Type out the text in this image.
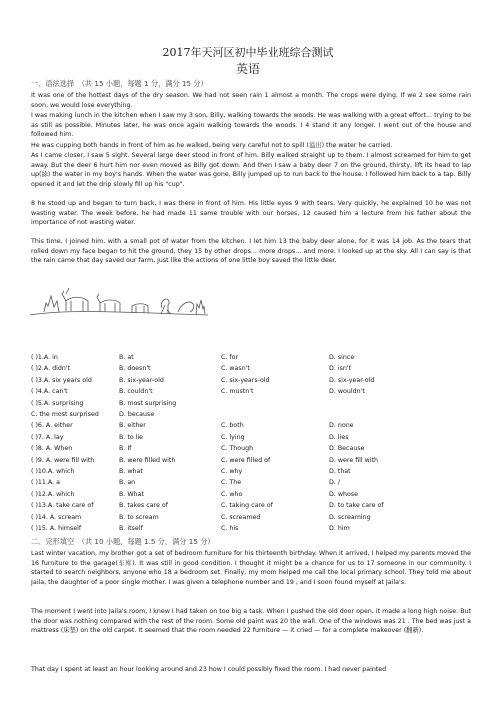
2017年天河区初中毕业班综合测试
英语
一、语法选择　（共 15 小题，每题 1 分，满分 15 分）
It was one of the hottest days of the dry season. We had not seen rain 1 almost a month. The crops were dying. If we 2 see some rain soon, we would lose everything.
I was making lunch in the kitchen when I saw my 3 son, Billy, walking towards the woods. He was walking with a great effort... trying to be as still as possible. Minutes later, he was once again walking towards the woods. I 4 stand it any longer. I went out of the house and followed him.
He was cupping both hands in front of him as he walked, being very careful not to spill (溢出) the water he carried.
As I came closer, I saw 5 sight. Several large deer stood in front of him. Billy walked straight up to them. I almost screamed for him to get away. But the deer 6 hurt him nor even moved as Billy got down. And then I saw a baby deer 7 on the ground, thirsty, lift its head to lap up(舔) the water in my boy's hands. When the water was gone, Billy jumped up to run back to the house. I followed him back to a tap. Billy opened it and let the drip slowly fill up his "cup".
8 he stood up and began to turn back, I was there in front of him. His little eyes 9 with tears. Very quickly, he explained 10 he was not wasting water. The week before, he had made 11 same trouble with our horses, 12 caused him a lecture from his father about the importance of not wasting water.
This time, I joined him, with a small pot of water from the kitchen. I let him 13 the baby deer alone, for it was 14 job. As the tears that rolled down my face began to hit the ground, they 15 by other drops... more drops... and more. I looked up at the sky. All I can say is that the rain came that day saved our farm, just like the actions of one little boy saved the little deer.
( )1.A. in	B. at	C. for	D. since
( )2.A. didn't	B. doesn't	C. wasn't	D. isn't
( )3.A. six years old	B. six-year-old	C. six-years-old	D. six-year-old
( )4.A. can't	B. couldn't	C. mustn't	D. wouldn't
( )5.A. surprising	B. most surprising
C. the most surprised	D. because
( )6. A. either	B. either	C. both	D. none
( )7. A. lay	B. to lie	C. lying	D. lies
( )8. A. When	B. If	C. Though	D. Because
( )9. A. were fill with	B. were filled with	C. were filled of	D. were fill with
( )10.A. which	B. what	C. why	D. that
( )11.A. a	B. an	C. The	D. /
( )12.A. which	B. What	C. who	D. whose
( )13.A. take care of	B. takes care of	C. taking care of	D. to take care of
( )14. A. scream	B. to scream	C. screamed	D. screaming
( )15. A. himself	B. itself	C. his	D. him
二、完形填空　（共 10 小题，每题 1.5 分，满分 15 分）
Last winter vacation, my brother got a set of bedroom furniture for his thirteenth birthday. When it arrived, I helped my parents moved the 16 furniture to the garage(车库). It was still in good condition. I thought it might be a chance for us to 17 someone in our community. I started to search neighbors, anyone who 18 a bedroom set. Finally, my mom helped me call the local primary school. They told me about Jaila, the daughter of a poor single mother. I was given a telephone number and 19 , and I soon found myself at Jaila's.
The moment I went into Jaila's room, I knew I had taken on too big a task. When I pushed the old door open, it made a long high noise. But the door was nothing compared with the rest of the room. Some old paint was 20 the wall. One of the windows was 21 . The bed was just a mattress (床垫) on the old carpet. It seemed that the room needed 22 furniture — it cried — for a complete makeover (翻新).
That day I spent at least an hour looking around and 23 how I could possibly fixed the room. I had never painted
